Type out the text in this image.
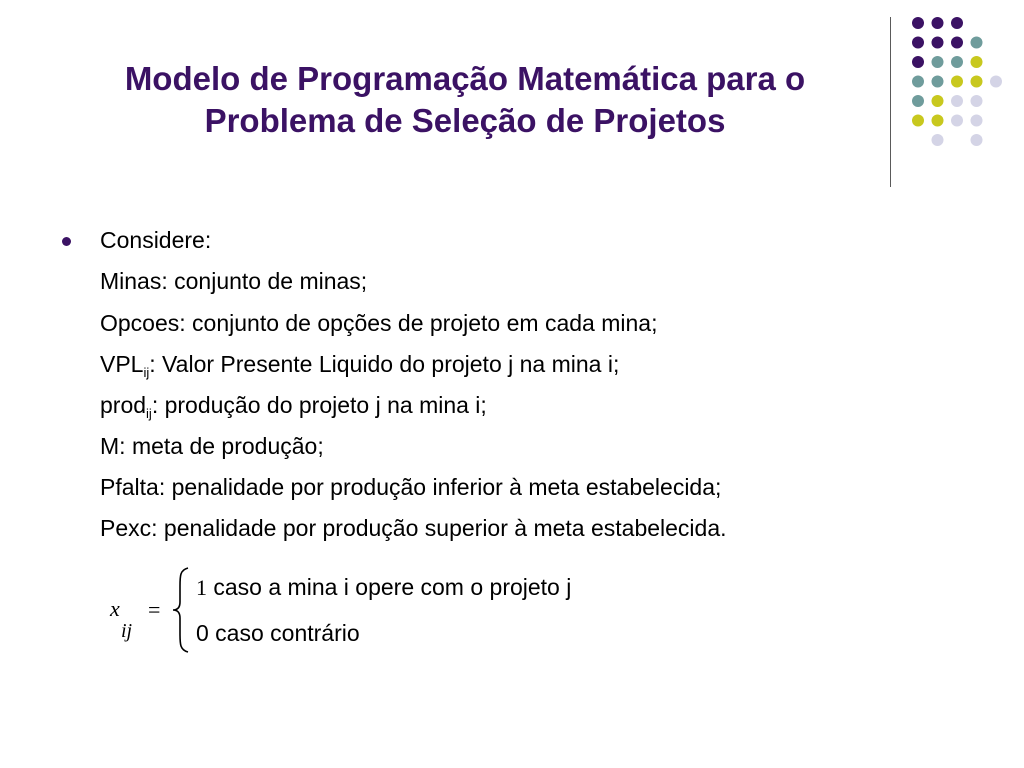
Modelo de Programação Matemática para o
Problema de Seleção de Projetos
Considere:
Minas: conjunto de minas;
Opcoes: conjunto de opções de projeto em cada mina;
$VPL_{ij}$: Valor Presente Liquido do projeto j na mina i;
prod$_{ij}$: produção do projeto j na mina i;
M: meta de produção;
Pfalta: penalidade por produção inferior à meta estabelecida;
Pexc: penalidade por produção superior à meta estabelecida.
x
ij
=
1 caso a mina i opere com o projeto j
0 caso contrário
